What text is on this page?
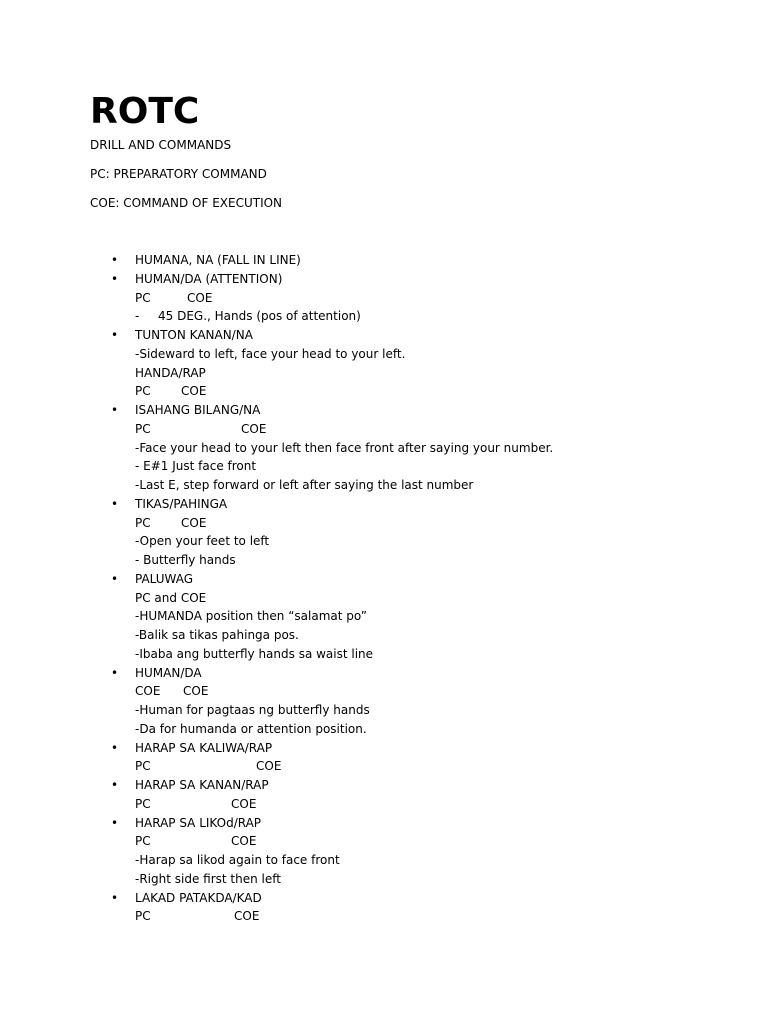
ROTC

DRILL AND COMMANDS

PC: PREPARATORY COMMAND

COE: COMMAND OF EXECUTION

• HUMANA, NA (FALL IN LINE)
• HUMAN/DA (ATTENTION)
PC	COE
- 45 DEG., Hands (pos of attention)
• TUNTON KANAN/NA
-Sideward to left, face your head to your left.
HANDA/RAP
PC	COE
• ISAHANG BILANG/NA
PC	COE
-Face your head to your left then face front after saying your number.
- E#1 Just face front
-Last E, step forward or left after saying the last number
• TIKAS/PAHINGA
PC	COE
-Open your feet to left
- Butterfly hands
• PALUWAG
PC and COE
-HUMANDA position then “salamat po”
-Balik sa tikas pahinga pos.
-Ibaba ang butterfly hands sa waist line
• HUMAN/DA
COE COE
-Human for pagtaas ng butterfly hands
-Da for humanda or attention position.
• HARAP SA KALIWA/RAP
PC	COE
• HARAP SA KANAN/RAP
PC	COE
• HARAP SA LIKOd/RAP
PC	COE
-Harap sa likod again to face front
-Right side first then left
• LAKAD PATAKDA/KAD
PC	COE
